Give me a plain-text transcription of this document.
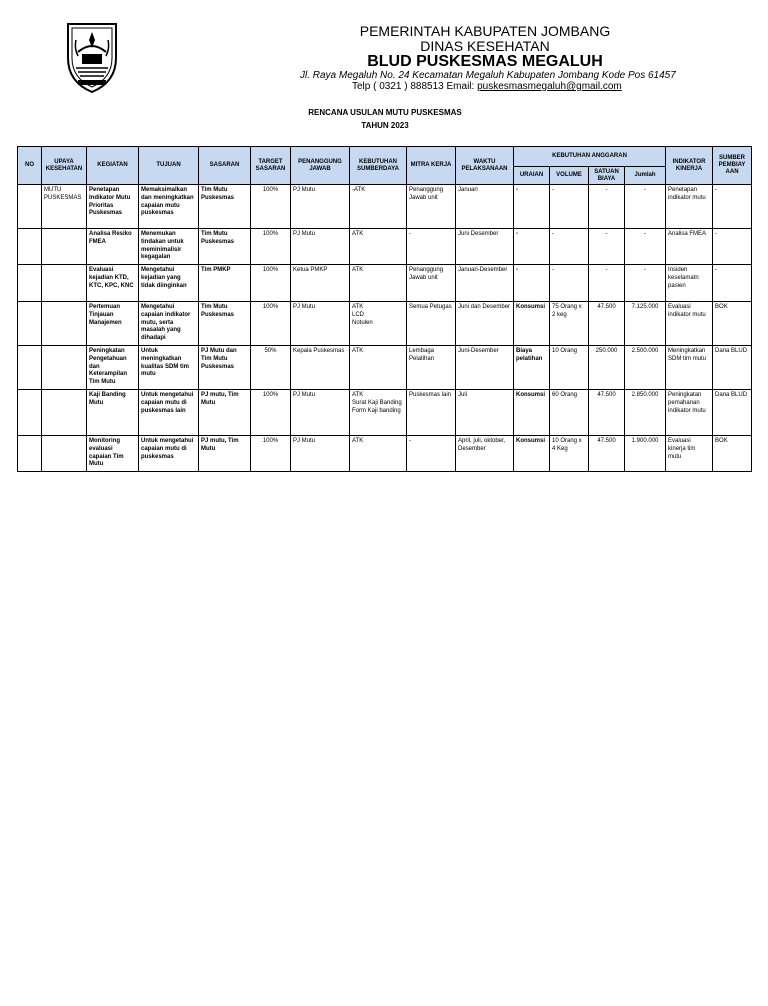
PEMERINTAH KABUPATEN JOMBANG
DINAS KESEHATAN
BLUD PUSKESMAS MEGALUH
Jl. Raya Megaluh No. 24 Kecamatan Megaluh Kabupaten Jombang Kode Pos 61457
Telp ( 0321 ) 888513 Email: puskesmasmegaluh@gmail.com
RENCANA USULAN MUTU PUSKESMAS
TAHUN 2023
NO	UPAYA KESEHATAN	KEGIATAN	TUJUAN	SASARAN	TARGET SASARAN	PENANGGUNG JAWAB	KEBUTUHAN SUMBERDAYA	MITRA KERJA	WAKTU PELAKSANAAN	KEBUTUHAN ANGGARAN				INDIKATOR KINERJA	SUMBER PEMBIAY AAN
										URAIAN	VOLUME	SATUAN BIAYA	Jumlah		
	MUTU PUSKESMAS	Penetapan Indikator Mutu Prioritas Puskesmas	Memaksimalkan dan meningkatkan capaian mutu puskesmas	Tim Mutu Puskesmas	100%	PJ Mutu	-ATK	Penanggung Jawab unit	Januari	-	-	-	-	Penetapan indikator mutu	-
		Analisa Resiko FMEA	Menemukan tindakan untuk meminimalisir kegagalan	Tim Mutu Puskesmas	100%	PJ Mutu	ATK	-	Juni Desember	-	-	-	-	Analisa FMEA	-
		Evaluasi kejadian KTD, KTC, KPC, KNC	Mengetahui kejadian yang tidak diinginkan	Tim PMKP	100%	Ketua PMKP	ATK	Penanggung Jawab unit	Januari-Desember	-	-	-	-	Insiden keselamatn pasien	-
		Pertemuan Tinjauan Manajemen	Mengetahui capaian indikator mutu, serta masalah yang dihadapi	Tim Mutu Puskesmas	100%	PJ Mutu	ATK
LCD
Notulen	Semua Petugas	Juni dan Desember	Konsumsi	75 Orang x 2 keg	47.500	7.125.000	Evaluasi indikator mutu	BOK
		Peningkatan Pengetahuan dan Keterampilan Tim Mutu	Untuk meningkatkan kualitas SDM tim mutu	PJ Mutu dan Tim Mutu Puskesmas	50%	Kepala Puskesmas	ATK	Lembaga Pelatihan	Juni-Desember	Biaya pelatihan	10 Orang	250.000	2.500.000	Meningkatkan SDM tim mutu	Dana BLUD
		Kaji Banding Mutu	Untuk mengetahui capaian mutu di puskesmas lain	PJ mutu, Tim Mutu	100%	PJ Mutu	ATK
Surat Kaji Banding
Form Kaji banding	Puskesmas lain	Juli	Konsumsi	60 Orang	47.500	2.850.000	Peningkatan pemahanan indikator mutu	Dana BLUD
		Monitoring evaluasi capaian Tim Mutu	Untuk mengetahui capaian mutu di puskesmas	PJ mutu, Tim Mutu	100%	PJ Mutu	ATK	-	April, juli, oktober, Desember	Konsumsi	10 Orang x 4 Keg	47.500	1.900.000	Evaluasi kinerja tim mutu	BOK
